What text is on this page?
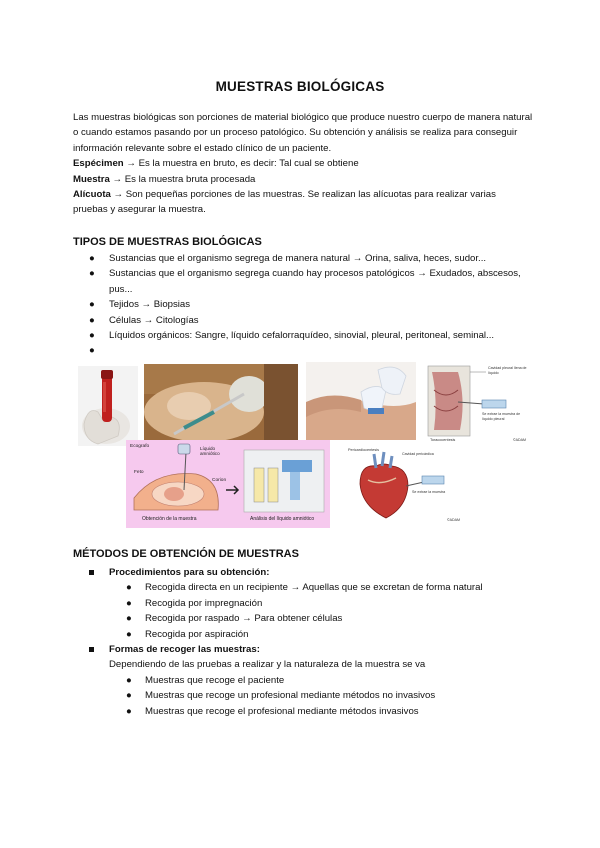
MUESTRAS BIOLÓGICAS

Las muestras biológicas son porciones de material biológico que produce nuestro cuerpo de manera natural o cuando estamos pasando por un proceso patológico. Su obtención y análisis se realiza para conseguir información relevante sobre el estado clínico de un paciente.

Espécimen → Es la muestra en bruto, es decir: Tal cual se obtiene

Muestra → Es la muestra bruta procesada

Alícuota → Son pequeñas porciones de las muestras. Se realizan las alícuotas para realizar varias pruebas y asegurar la muestra.

TIPOS DE MUESTRAS BIOLÓGICAS
● Sustancias que el organismo segrega de manera natural → Orina, saliva, heces, sudor...
● Sustancias que el organismo segrega cuando hay procesos patológicos → Exudados, abscesos, pus...
● Tejidos → Biopsias
● Células → Citologías
● Líquidos orgánicos: Sangre, líquido cefalorraquídeo, sinovial, pleural, peritoneal, seminal...
●
Cavidad pleural llena de líquido
Se extrae la muestra de líquido pleural
Toracocentesis	©ADAM
Ecografo	Líquido amniótico
Feto
Corion
Obtención de la muestra	Análisis del líquido amniótico
Cavidad pericárdica
Se extrae la muestra
Pericardiocentesis
©ADAM
MÉTODOS DE OBTENCIÓN DE MUESTRAS
Procedimientos para su obtención:
● Recogida directa en un recipiente → Aquellas que se excretan de forma natural
● Recogida por impregnación
● Recogida por raspado → Para obtener células
● Recogida por aspiración
Formas de recoger las muestras:
Dependiendo de las pruebas a realizar y la naturaleza de la muestra se va
● Muestras que recoge el paciente
● Muestras que recoge un profesional mediante métodos no invasivos
● Muestras que recoge el profesional mediante métodos invasivos
